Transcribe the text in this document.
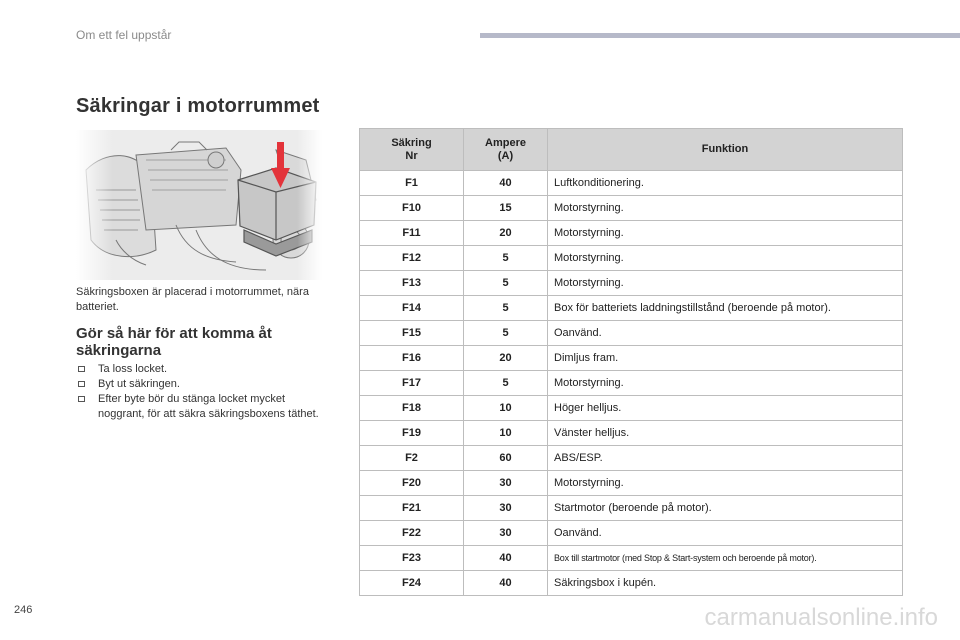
Om ett fel uppstår
Säkringar i motorrummet
Säkringsboxen är placerad i motorrummet, nära batteriet.
Gör så här för att komma åt säkringarna
Ta loss locket.
Byt ut säkringen.
Efter byte bör du stänga locket mycket noggrant, för att säkra säkringsboxens täthet.
Säkring Nr	Ampere (A)	Funktion
F1	40	Luftkonditionering.
F10	15	Motorstyrning.
F11	20	Motorstyrning.
F12	5	Motorstyrning.
F13	5	Motorstyrning.
F14	5	Box för batteriets laddningstillstånd (beroende på motor).
F15	5	Oanvänd.
F16	20	Dimljus fram.
F17	5	Motorstyrning.
F18	10	Höger helljus.
F19	10	Vänster helljus.
F2	60	ABS/ESP.
F20	30	Motorstyrning.
F21	30	Startmotor (beroende på motor).
F22	30	Oanvänd.
F23	40	Box till startmotor (med Stop & Start-system och beroende på motor).
F24	40	Säkringsbox i kupén.
246	carmanualsonline.info
